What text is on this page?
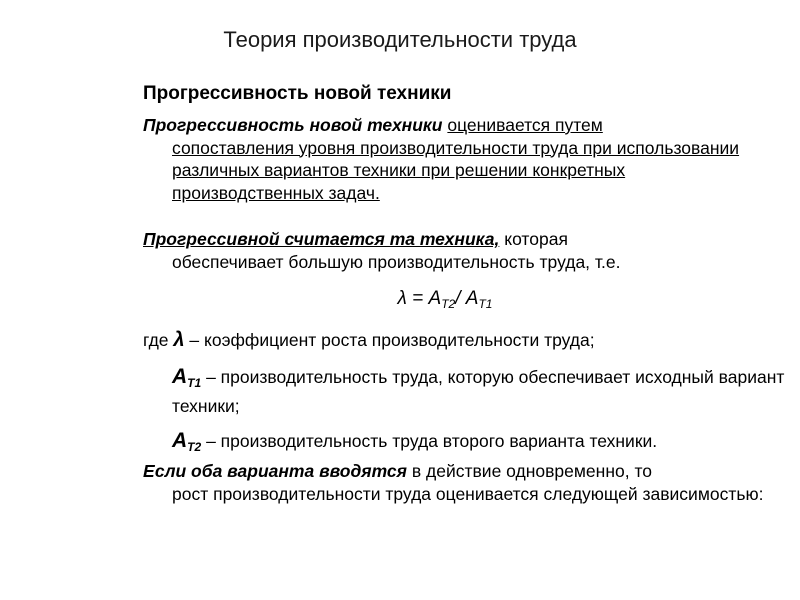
Теория производительности труда
Прогрессивность новой техники
Прогрессивность новой техники оценивается путем
сопоставления уровня производительности труда при использовании различных вариантов техники при решении конкретных производственных задач.
Прогрессивной считается та техника, которая
обеспечивает большую производительность труда, т.е.
$\lambda = А_{Т2}/$ $А_{Т1}$
где λ – коэффициент роста производительности труда;
$А_{Т1}$ – производительность труда, которую обеспечивает исходный вариант техники;
$А_{Т2}$ – производительность труда второго варианта техники.
Если оба варианта вводятся в действие одновременно, то
рост производительности труда оценивается следующей зависимостью:
